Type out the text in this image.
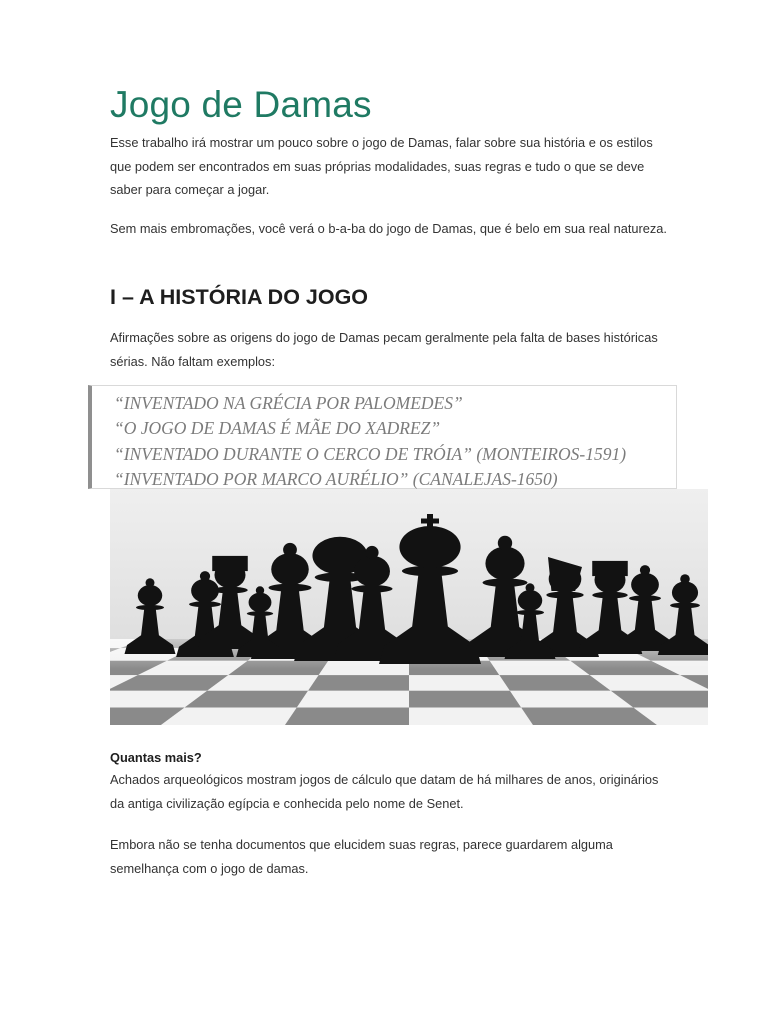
Jogo de Damas

Esse trabalho irá mostrar um pouco sobre o jogo de Damas, falar sobre sua história e os estilos que podem ser encontrados em suas próprias modalidades, suas regras e tudo o que se deve saber para começar a jogar.

Sem mais embromações, você verá o b-a-ba do jogo de Damas, que é belo em sua real natureza.

I – A HISTÓRIA DO JOGO

Afirmações sobre as origens do jogo de Damas pecam geralmente pela falta de bases históricas sérias. Não faltam exemplos:

“INVENTADO NA GRÉCIA POR PALOMEDES”
“O JOGO DE DAMAS É MÃE DO XADREZ”
“INVENTADO DURANTE O CERCO DE TRÓIA” (MONTEIROS-1591)
“INVENTADO POR MARCO AURÉLIO” (CANALEJAS-1650)
Quantas mais?

Achados arqueológicos mostram jogos de cálculo que datam de há milhares de anos, originários da antiga civilização egípcia e conhecida pelo nome de Senet.

Embora não se tenha documentos que elucidem suas regras, parece guardarem alguma semelhança com o jogo de damas.
